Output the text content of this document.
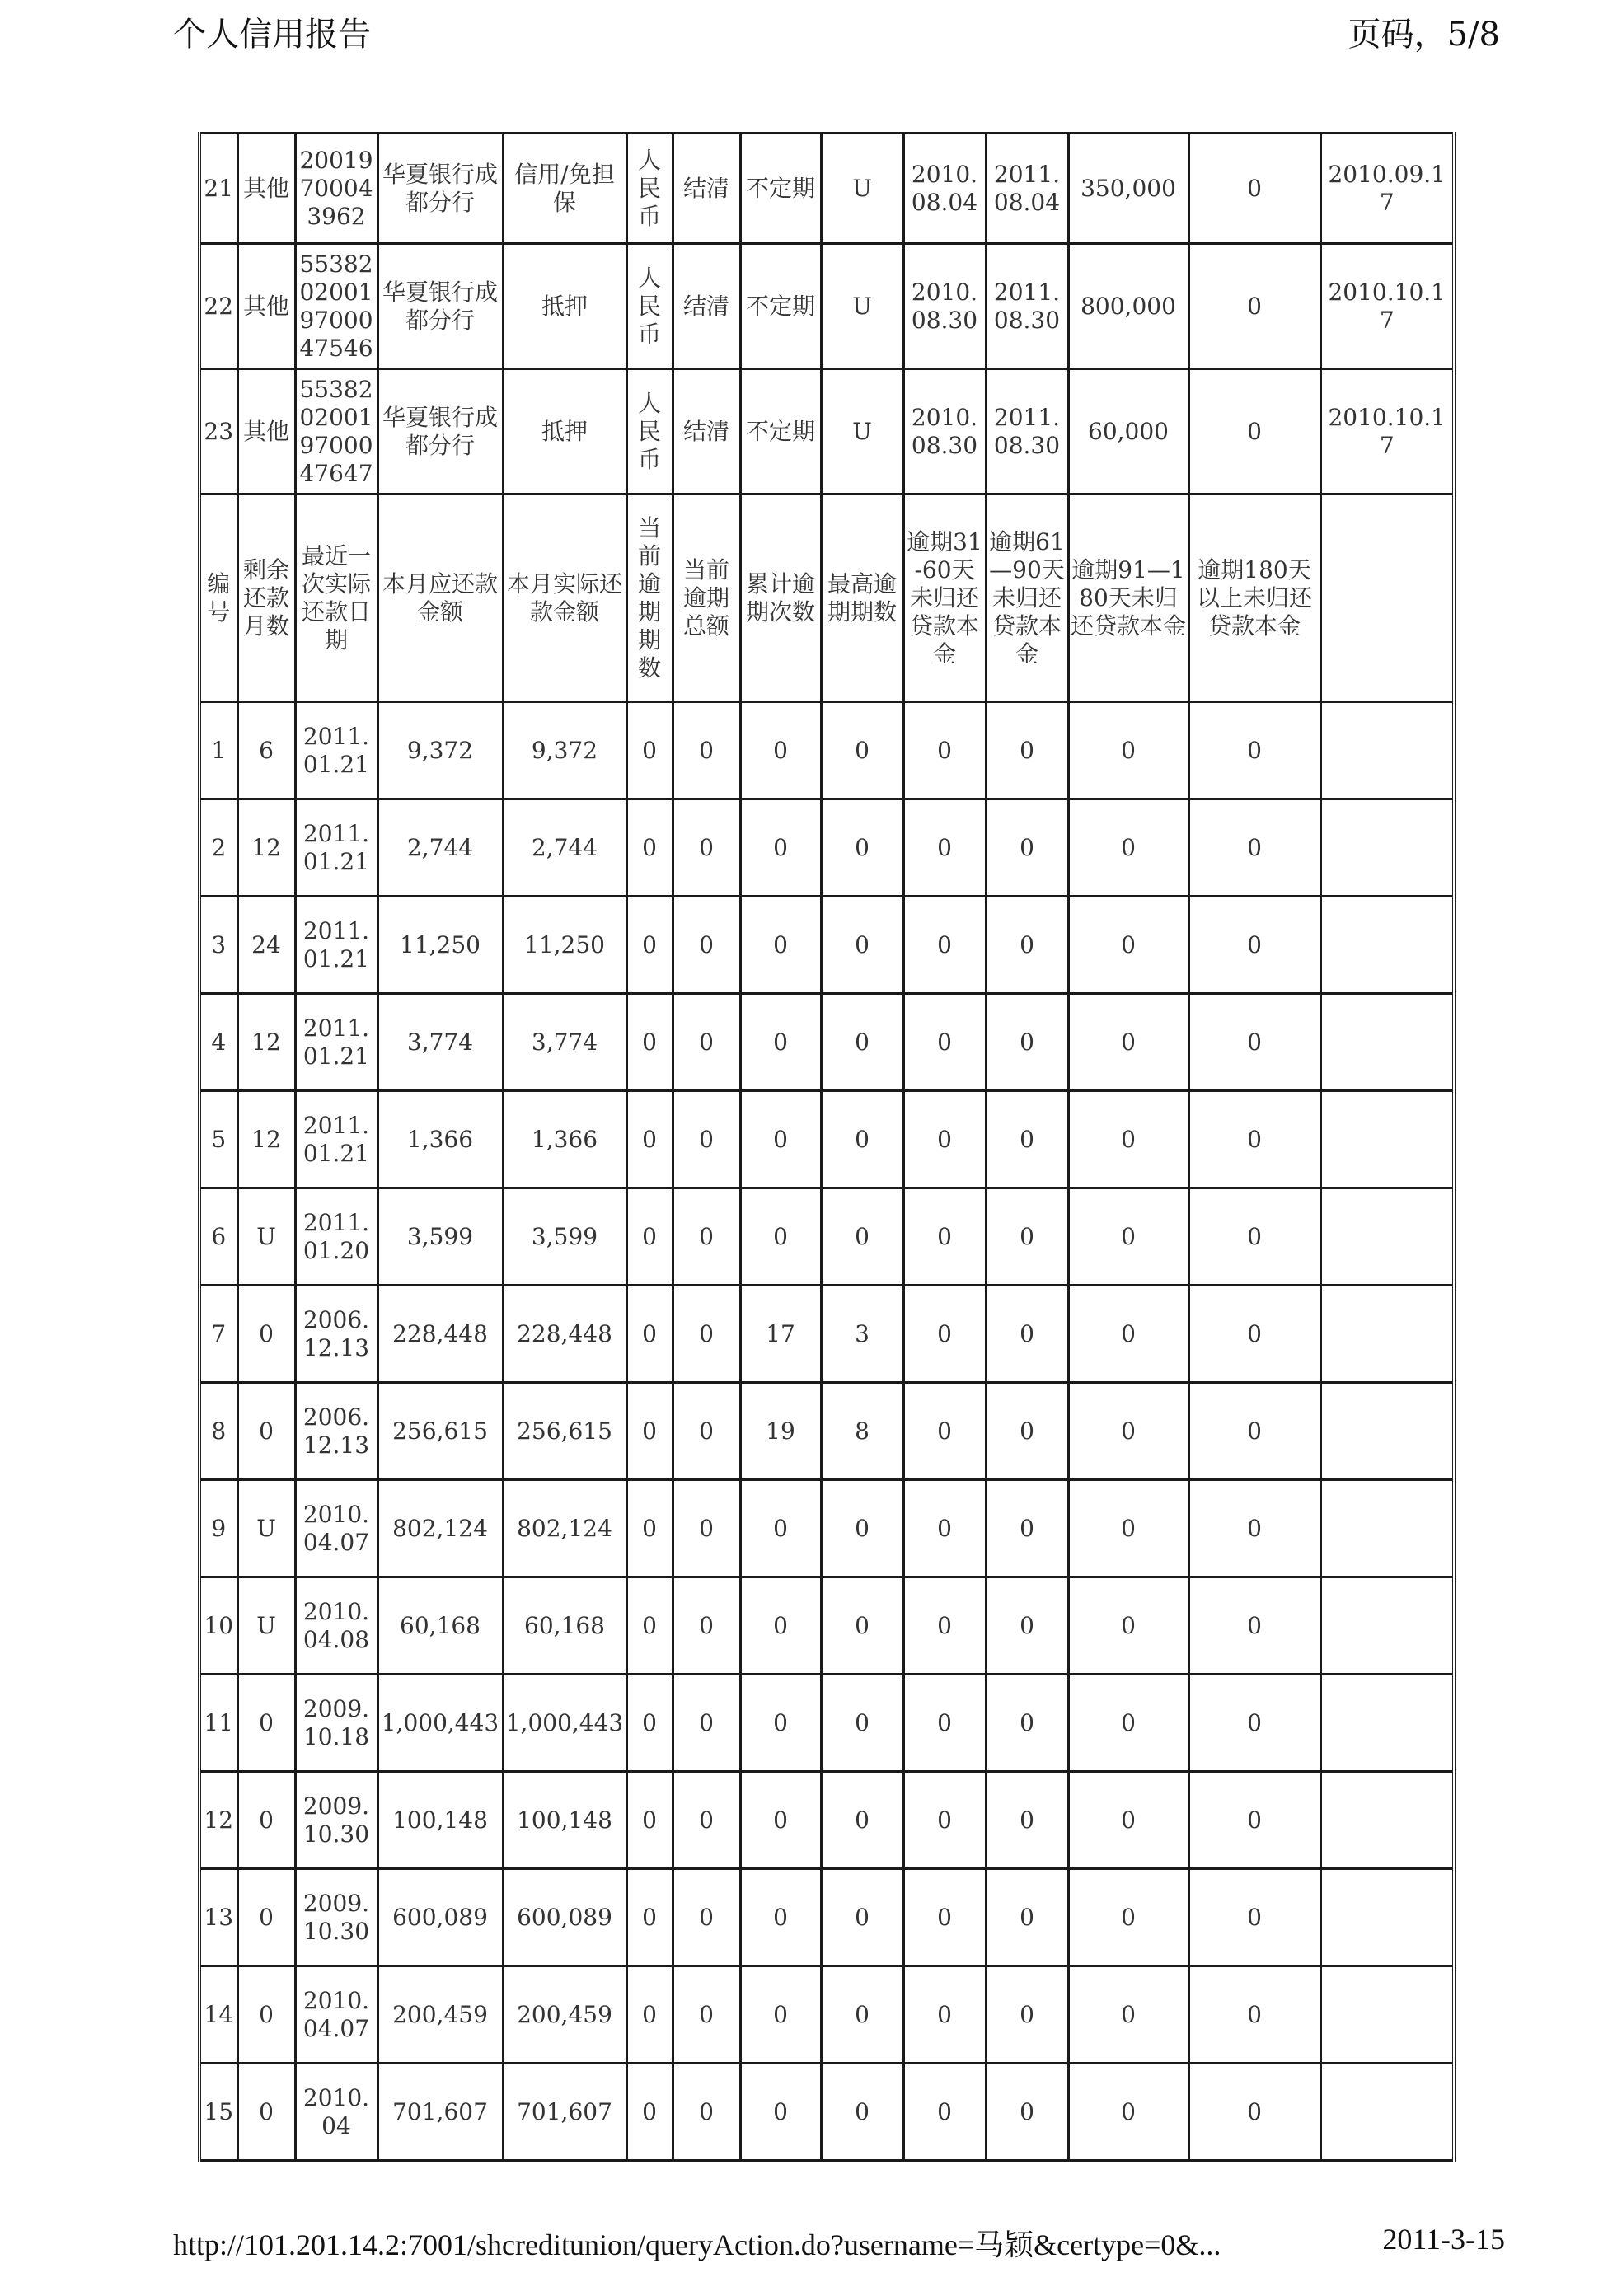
个人信用报告	页码，5/8
21	其他	20019700043962	华夏银行成都分行	信用/免担保	人民币	结清	不定期	U	2010.08.04	2011.08.04	350,000	0	2010.09.17
22	其他	55382020019700047546	华夏银行成都分行	抵押	人民币	结清	不定期	U	2010.08.30	2011.08.30	800,000	0	2010.10.17
23	其他	55382020019700047647	华夏银行成都分行	抵押	人民币	结清	不定期	U	2010.08.30	2011.08.30	60,000	0	2010.10.17
编号	剩余还款月数	最近一次实际还款日期	本月应还款金额	本月实际还款金额	当前逾期期数	当前逾期总额	累计逾期次数	最高逾期期数	逾期31-60天未归还贷款本金	逾期61—90天未归还贷款本金	逾期91—180天未归还贷款本金	逾期180天以上未归还贷款本金	
1	6	2011.01.21	9,372	9,372	0	0	0	0	0	0	0	0	
2	12	2011.01.21	2,744	2,744	0	0	0	0	0	0	0	0	
3	24	2011.01.21	11,250	11,250	0	0	0	0	0	0	0	0	
4	12	2011.01.21	3,774	3,774	0	0	0	0	0	0	0	0	
5	12	2011.01.21	1,366	1,366	0	0	0	0	0	0	0	0	
6	U	2011.01.20	3,599	3,599	0	0	0	0	0	0	0	0	
7	0	2006.12.13	228,448	228,448	0	0	17	3	0	0	0	0	
8	0	2006.12.13	256,615	256,615	0	0	19	8	0	0	0	0	
9	U	2010.04.07	802,124	802,124	0	0	0	0	0	0	0	0	
10	U	2010.04.08	60,168	60,168	0	0	0	0	0	0	0	0	
11	0	2009.10.18	1,000,443	1,000,443	0	0	0	0	0	0	0	0	
12	0	2009.10.30	100,148	100,148	0	0	0	0	0	0	0	0	
13	0	2009.10.30	600,089	600,089	0	0	0	0	0	0	0	0	
14	0	2010.04.07	200,459	200,459	0	0	0	0	0	0	0	0	
15	0	2010.04	701,607	701,607	0	0	0	0	0	0	0	0	
http://101.201.14.2:7001/shcreditunion/queryAction.do?username=马颖&certype=0&...	2011-3-15
